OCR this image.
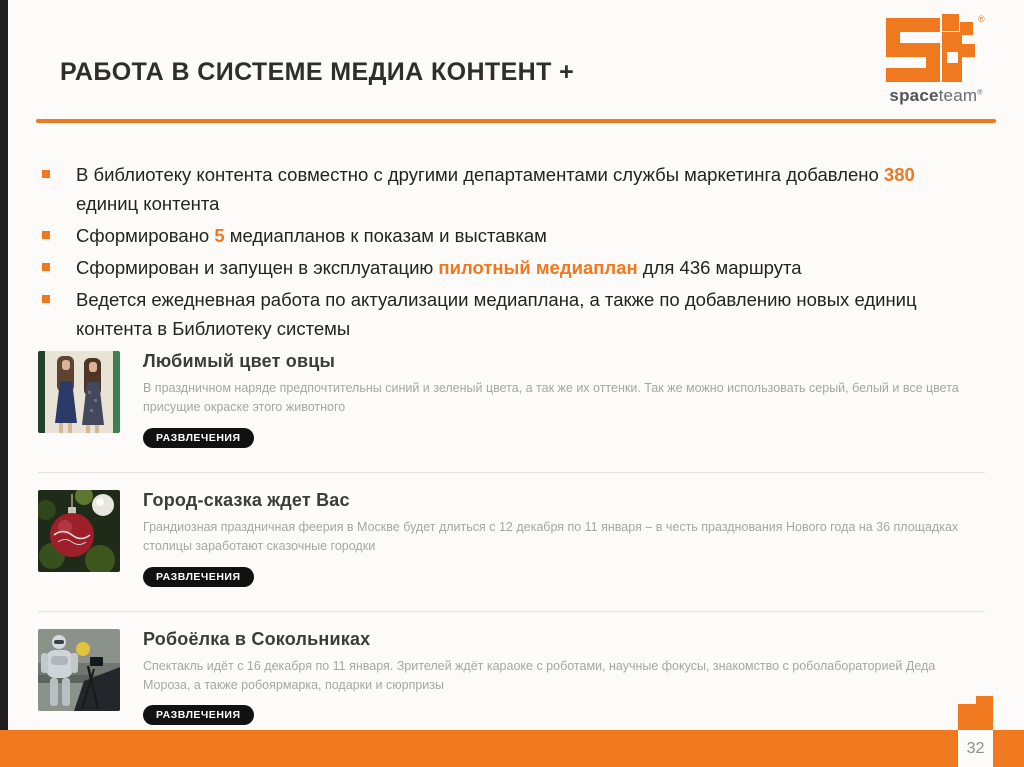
РАБОТА В СИСТЕМЕ МЕДИА КОНТЕНТ +
®
spaceteam®
В библиотеку контента совместно с другими департаментами службы маркетинга добавлено 380 единиц контента
Сформировано 5 медиапланов к показам и выставкам
Сформирован и запущен в эксплуатацию пилотный медиаплан для 436 маршрута
Ведется ежедневная работа по актуализации медиаплана, а также по добавлению новых единиц контента в Библиотеку системы
Любимый цвет овцы
В праздничном наряде предпочтительны синий и зеленый цвета, а так же их оттенки. Так же можно использовать серый, белый и все цвета присущие окраске этого животного
РАЗВЛЕЧЕНИЯ
Город-сказка ждет Вас
Грандиозная праздничная феерия в Москве будет длиться с 12 декабря по 11 января – в честь празднования Нового года на 36 площадках столицы заработают сказочные городки
РАЗВЛЕЧЕНИЯ
Робоёлка в Сокольниках
Спектакль идёт с 16 декабря по 11 января. Зрителей ждёт караоке с роботами, научные фокусы, знакомство с роболабораторией Деда Мороза, а также робоярмарка, подарки и сюрпризы
РАЗВЛЕЧЕНИЯ
32
